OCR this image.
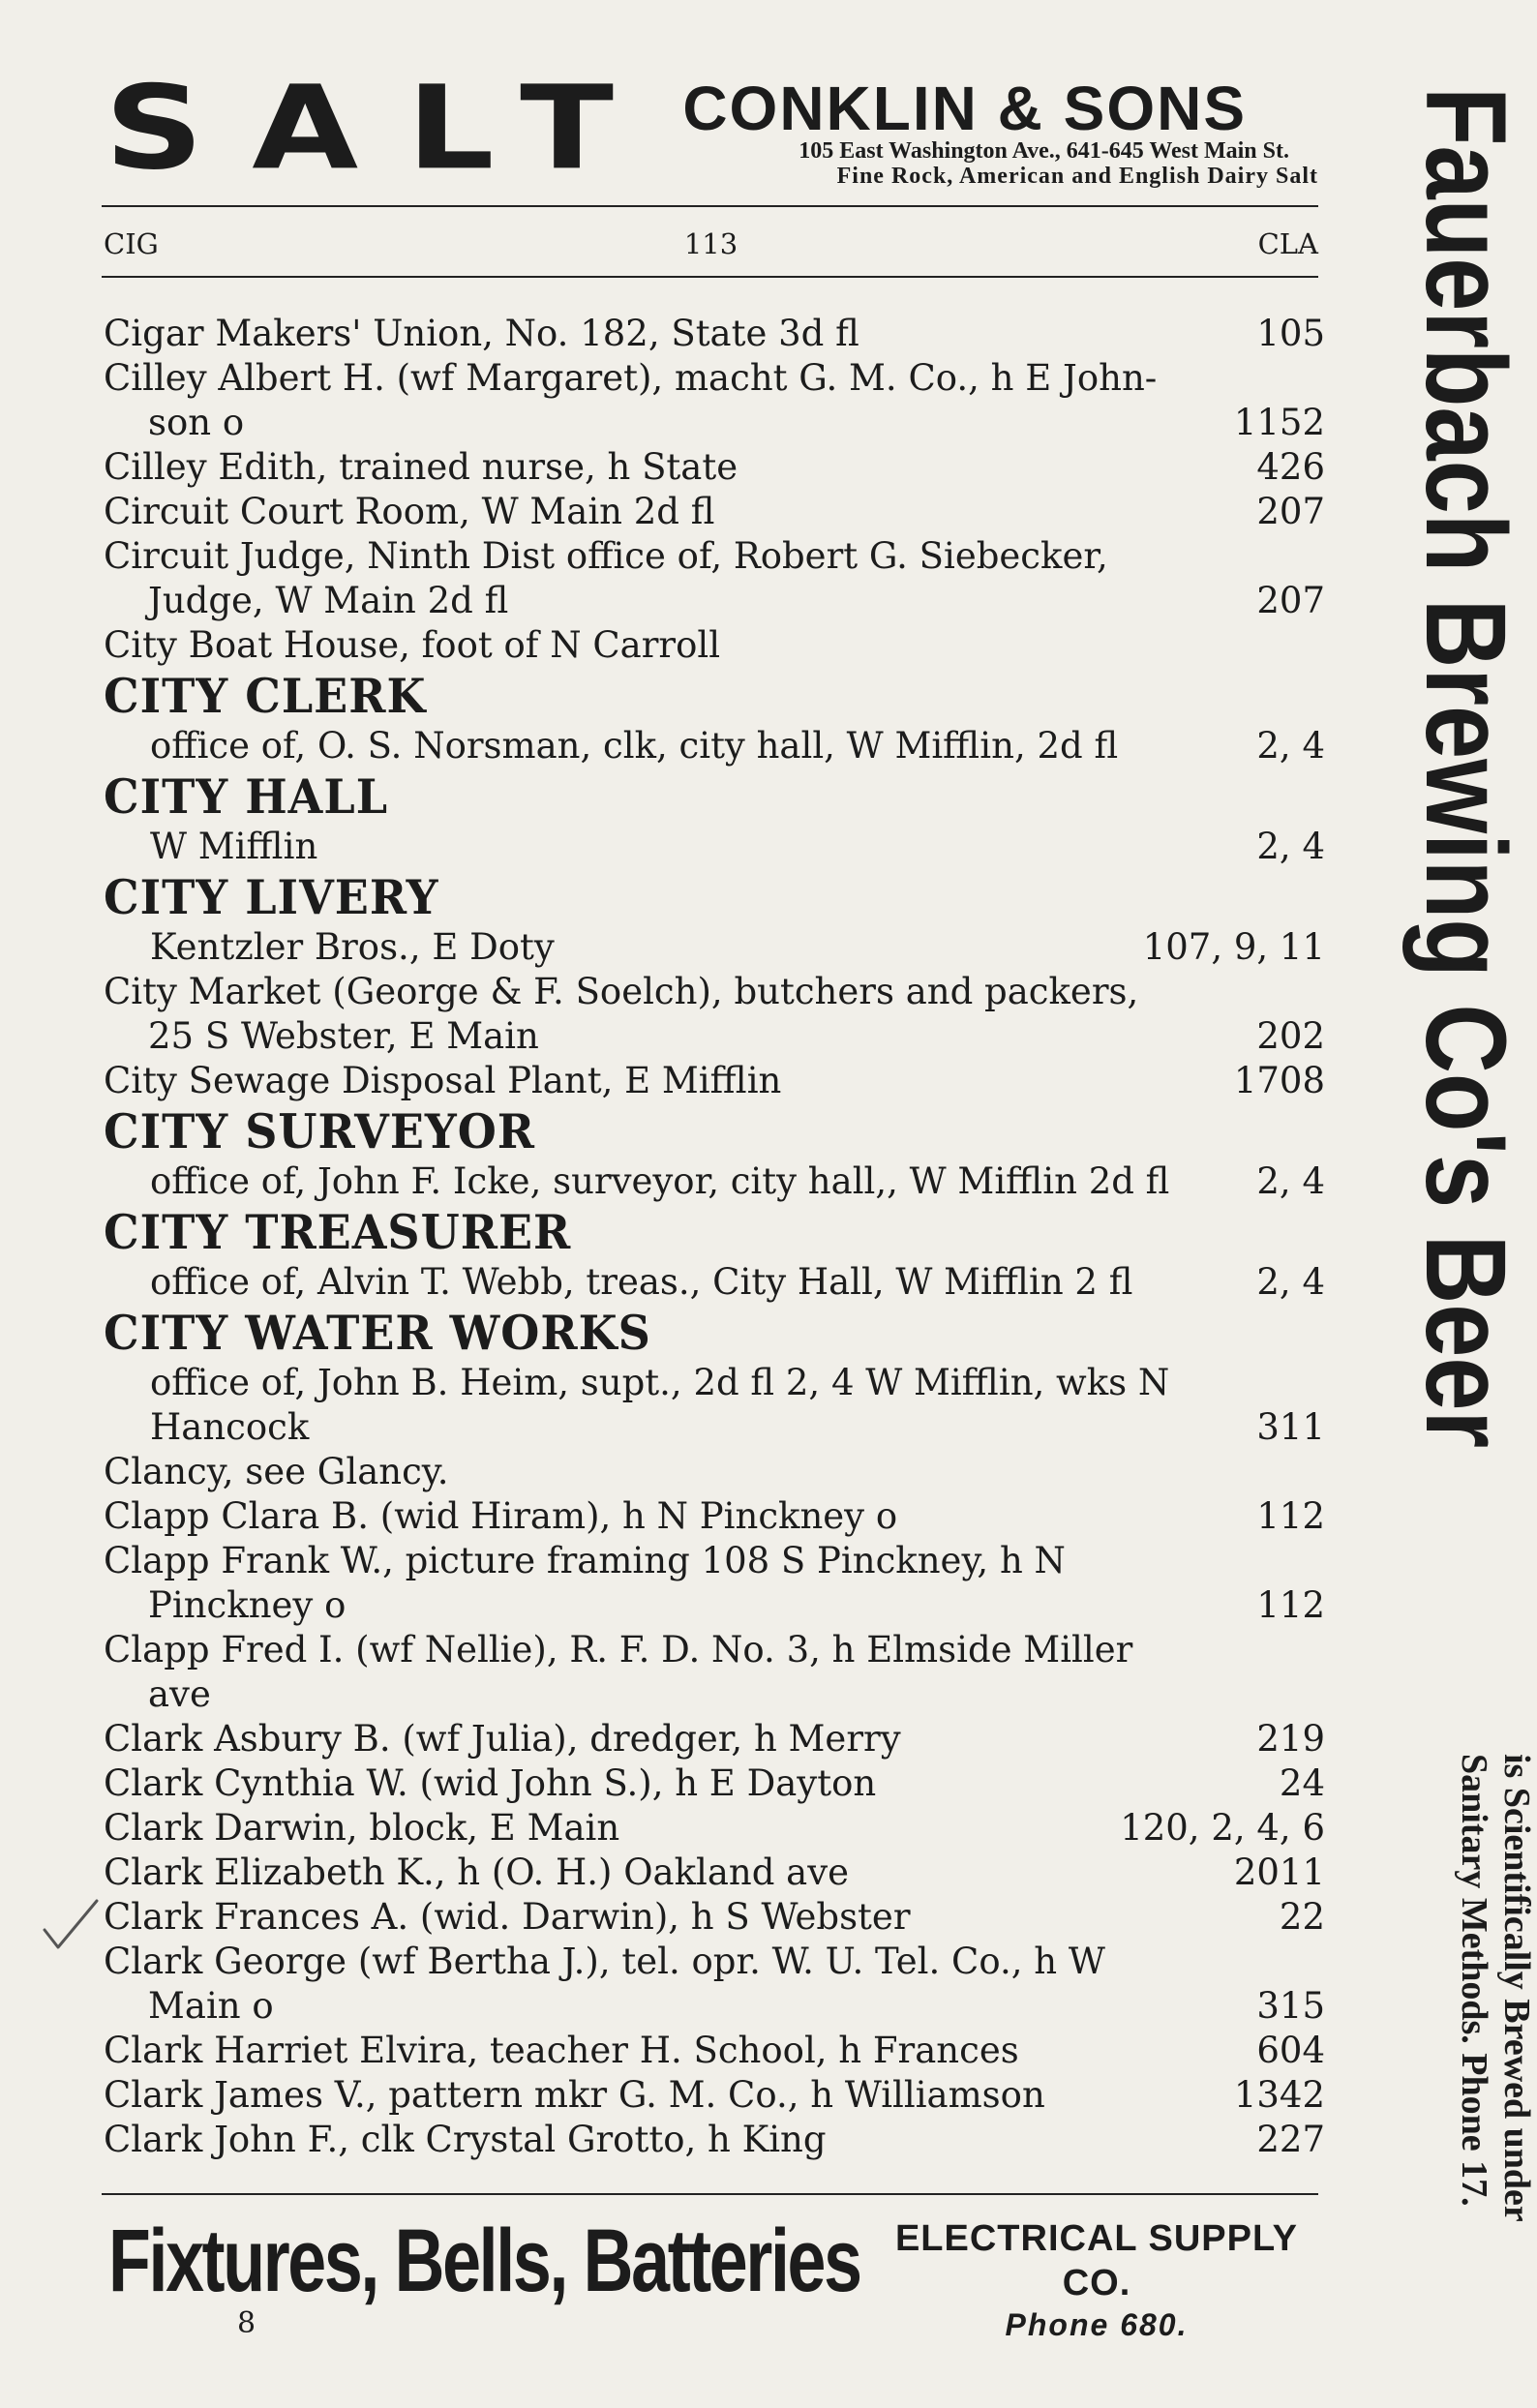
SALT CONKLIN & SONS
105 East Washington Ave., 641-645 West Main St.
Fine Rock, American and English Dairy Salt
CIG	113	CLA
Cigar Makers' Union, No. 182, State 3d fl	105
Cilley Albert H. (wf Margaret), macht G. M. Co., h E John-son o	1152
Cilley Edith, trained nurse, h State	426
Circuit Court Room, W Main 2d fl	207
Circuit Judge, Ninth Dist office of, Robert G. Siebecker, Judge, W Main 2d fl	207
City Boat House, foot of N Carroll
CITY CLERK
office of, O. S. Norsman, clk, city hall, W Mifflin, 2d fl	2, 4
CITY HALL
W Mifflin	2, 4
CITY LIVERY
Kentzler Bros., E Doty	107, 9, 11
City Market (George & F. Soelch), butchers and packers, 25 S Webster, E Main	202
City Sewage Disposal Plant, E Mifflin	1708
CITY SURVEYOR
office of, John F. Icke, surveyor, city hall,, W Mifflin 2d fl	2, 4
CITY TREASURER
office of, Alvin T. Webb, treas., City Hall, W Mifflin 2 fl	2, 4
CITY WATER WORKS
office of, John B. Heim, supt., 2d fl 2, 4 W Mifflin, wks N Hancock	311
Clancy, see Glancy.
Clapp Clara B. (wid Hiram), h N Pinckney o	112
Clapp Frank W., picture framing 108 S Pinckney, h N Pinckney o	112
Clapp Fred I. (wf Nellie), R. F. D. No. 3, h Elmside Miller ave
Clark Asbury B. (wf Julia), dredger, h Merry	219
Clark Cynthia W. (wid John S.), h E Dayton	24
Clark Darwin, block, E Main	120, 2, 4, 6
Clark Elizabeth K., h (O. H.) Oakland ave	2011
Clark Frances A. (wid. Darwin), h S Webster	22
Clark George (wf Bertha J.), tel. opr. W. U. Tel. Co., h W Main o	315
Clark Harriet Elvira, teacher H. School, h Frances	604
Clark James V., pattern mkr G. M. Co., h Williamson	1342
Clark John F., clk Crystal Grotto, h King	227
Fixtures, Bells, Batteries ELECTRICAL SUPPLY CO.
Phone 680.
8
Fauerbach Brewing Co's Beer
is Scientifically Brewed under
Sanitary Methods. Phone 17.
